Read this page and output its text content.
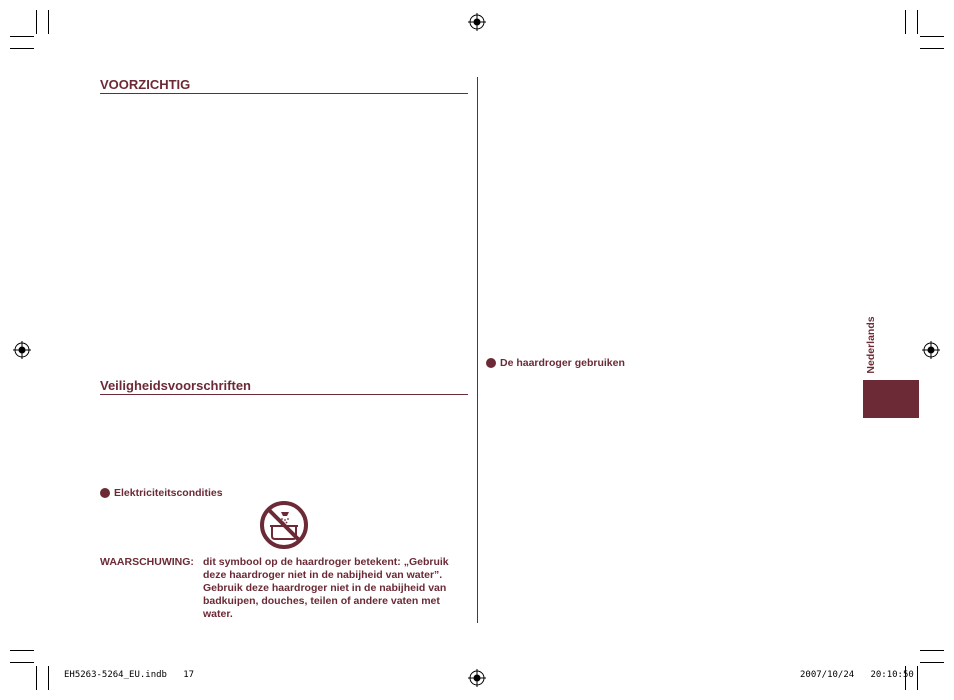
VOORZICHTIG
Veiligheidsvoorschriften
Elektriciteitscondities
WAARSCHUWING: dit symbool op de haardroger betekent: „Gebruik deze haardroger niet in de nabijheid van water”. Gebruik deze haardroger niet in de nabijheid van badkuipen, douches, teilen of andere vaten met water.
De haardroger gebruiken	Nederlands
EH5263-5264_EU.indb   17	2007/10/24   20:10:50
